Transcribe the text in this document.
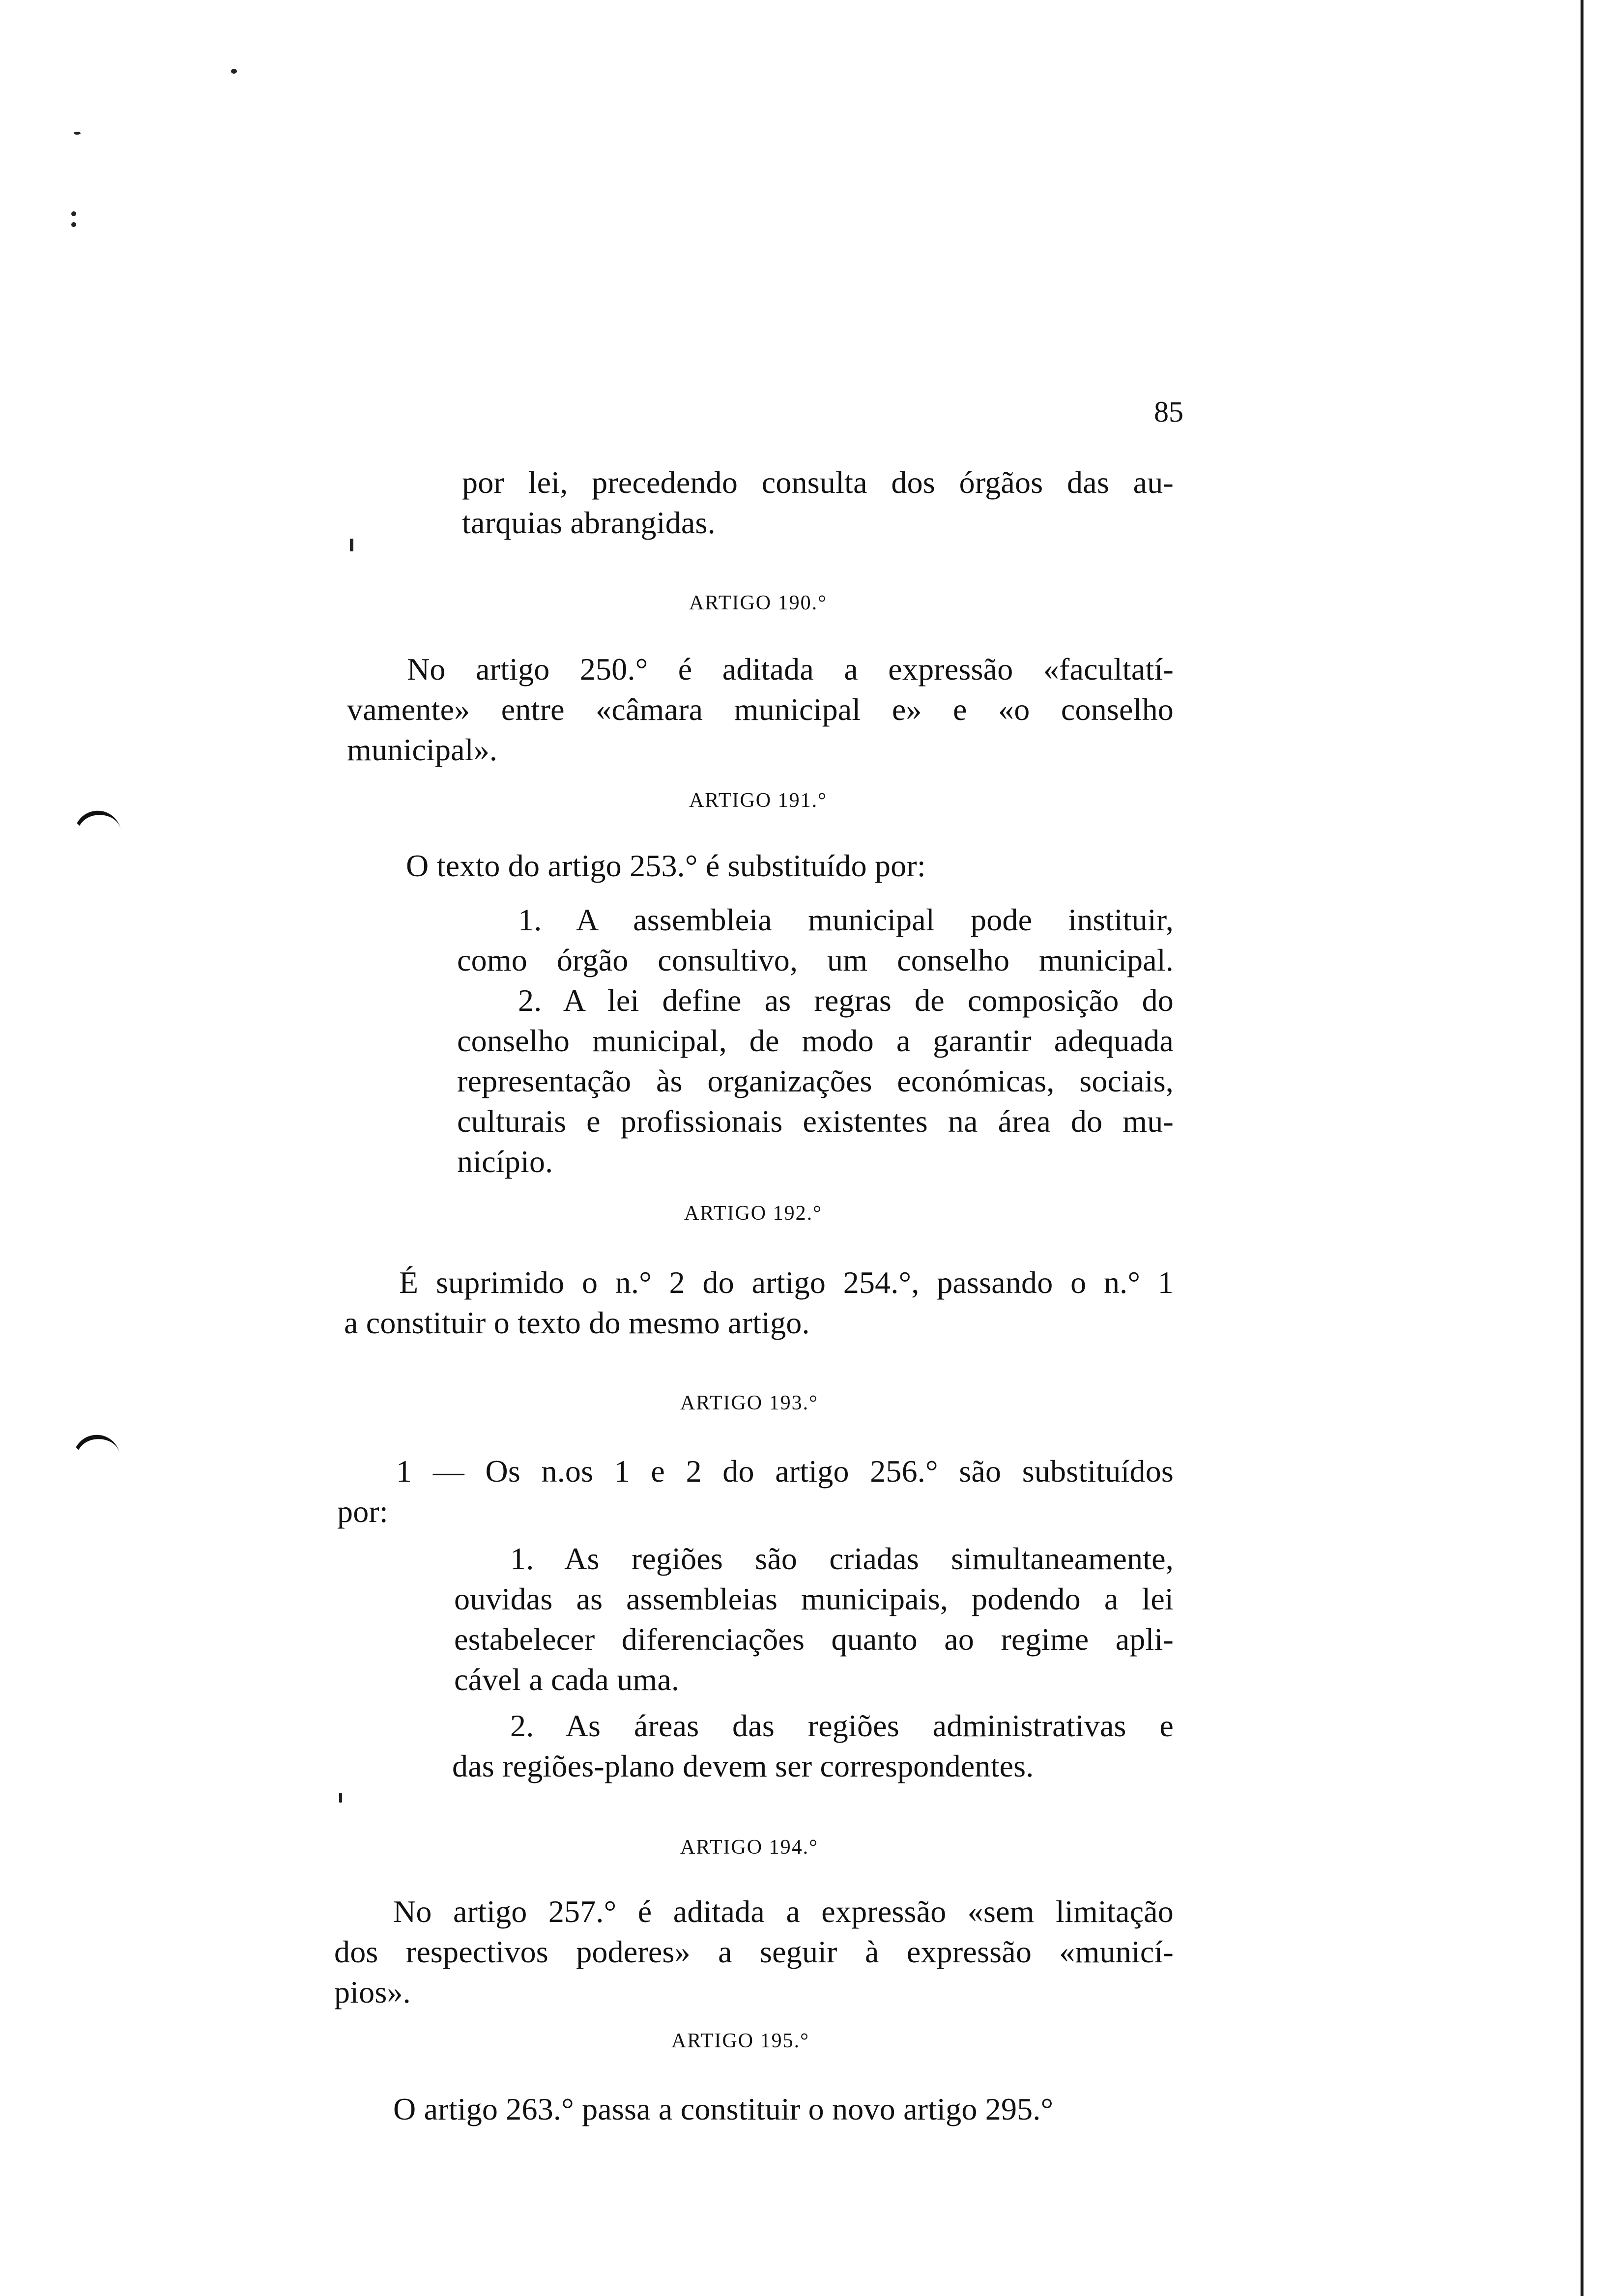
85
por lei, precedendo consulta dos órgãos das au-
tarquias abrangidas.
ARTIGO 190.°
No artigo 250.° é aditada a expressão «facultatí-
vamente» entre «câmara municipal e» e «o conselho
municipal».
ARTIGO 191.°
O texto do artigo 253.° é substituído por:
1. A assembleia municipal pode instituir,
como órgão consultivo, um conselho municipal.
2. A lei define as regras de composição do
conselho municipal, de modo a garantir adequada
representação às organizações económicas, sociais,
culturais e profissionais existentes na área do mu-
nicípio.
ARTIGO 192.°
É suprimido o n.° 2 do artigo 254.°, passando o n.° 1
a constituir o texto do mesmo artigo.
ARTIGO 193.°
1 — Os n.os 1 e 2 do artigo 256.° são substituídos
por:
1. As regiões são criadas simultaneamente,
ouvidas as assembleias municipais, podendo a lei
estabelecer diferenciações quanto ao regime apli-
cável a cada uma.
2. As áreas das regiões administrativas e
das regiões-plano devem ser correspondentes.
ARTIGO 194.°
No artigo 257.° é aditada a expressão «sem limitação
dos respectivos poderes» a seguir à expressão «municí-
pios».
ARTIGO 195.°
O artigo 263.° passa a constituir o novo artigo 295.°
